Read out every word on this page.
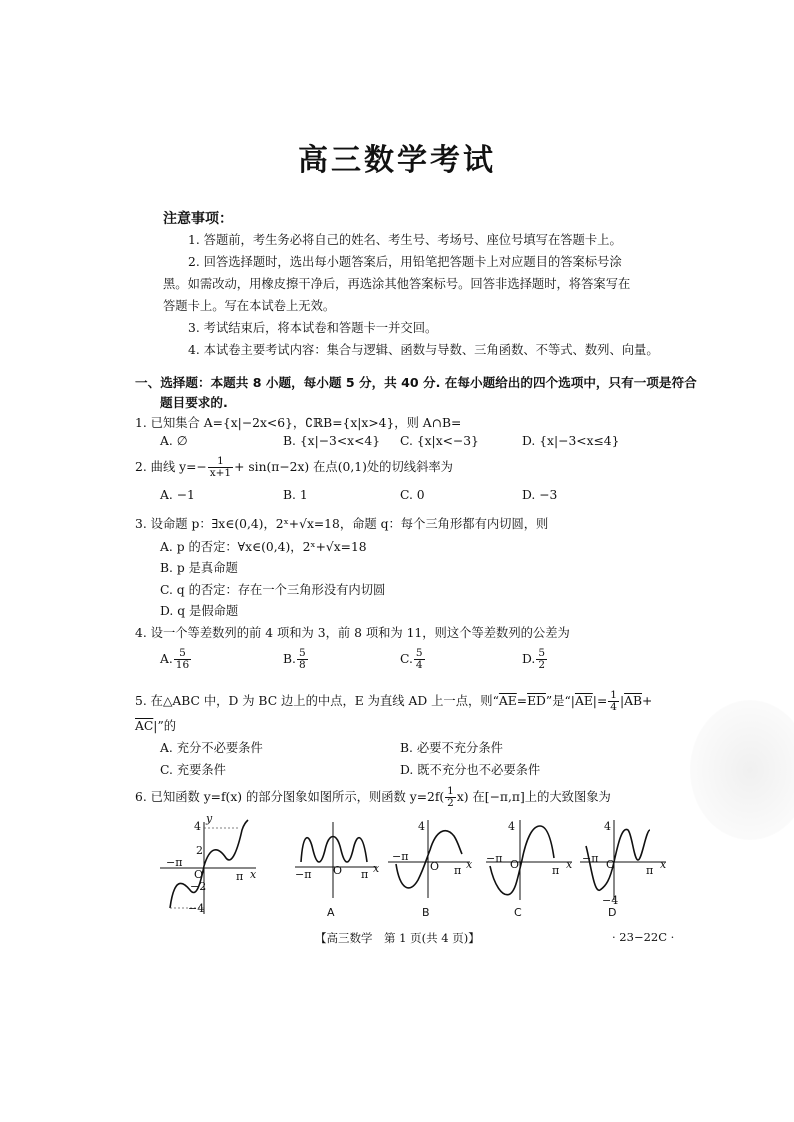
高三数学考试
注意事项：
1. 答题前，考生务必将自己的姓名、考生号、考场号、座位号填写在答题卡上。
2. 回答选择题时，选出每小题答案后，用铅笔把答题卡上对应题目的答案标号涂
黑。如需改动，用橡皮擦干净后，再选涂其他答案标号。回答非选择题时，将答案写在
答题卡上。写在本试卷上无效。
3. 考试结束后，将本试卷和答题卡一并交回。
4. 本试卷主要考试内容：集合与逻辑、函数与导数、三角函数、不等式、数列、向量。
一、选择题：本题共 8 小题，每小题 5 分，共 40 分. 在每小题给出的四个选项中，只有一项是符合
题目要求的.
1. 已知集合 A={x|−2x<6}，∁ℝB={x|x>4}，则 A∩B=
A. ∅	B. {x|−3<x<4} C. {x|x<−3}	D. {x|−3<x≤4}
2. 曲线 $y=- \frac{1}{x+1} + \sin(\pi-2x)$ 在点(0,1)处的切线斜率为
A. −1	B. 1	C. 0	D. −3
3. 设命题 p：∃x∈(0,4)，2ˣ+√x=18，命题 q：每个三角形都有内切圆，则
A. p 的否定：∀x∈(0,4)，2ˣ+√x=18
B. p 是真命题
C. q 的否定：存在一个三角形没有内切圆
D. q 是假命题
4. 设一个等差数列的前 4 项和为 3，前 8 项和为 11，则这个等差数列的公差为
A. $\frac{5}{16}$	B. $\frac{5}{8}$	C. $\frac{5}{4}$	D. $\frac{5}{2}$
5. 在△ABC 中，D 为 BC 边上的中点，E 为直线 AD 上一点，则“$\overline{AE}=\overline{ED}$”是“$|\overline{AE}|= \frac{1}{4} |\overline{AB}+$
$\overline{AC}|$”的
A. 充分不必要条件	B. 必要不充分条件
C. 充要条件	D. 既不充分也不必要条件
6. 已知函数 y=f(x) 的部分图象如图所示，则函数 $y=2f( \frac{1}{2} x)$ 在[−π,π]上的大致图象为
4
y
2
O
−π
π x
−2
−4
O
−π	π x
A
4
O
−π
π x
B
4
O
−π
π x
C
4
O
−π
π x
−4
D
【高三数学　第 1 页(共 4 页)】	· 23−22C ·
